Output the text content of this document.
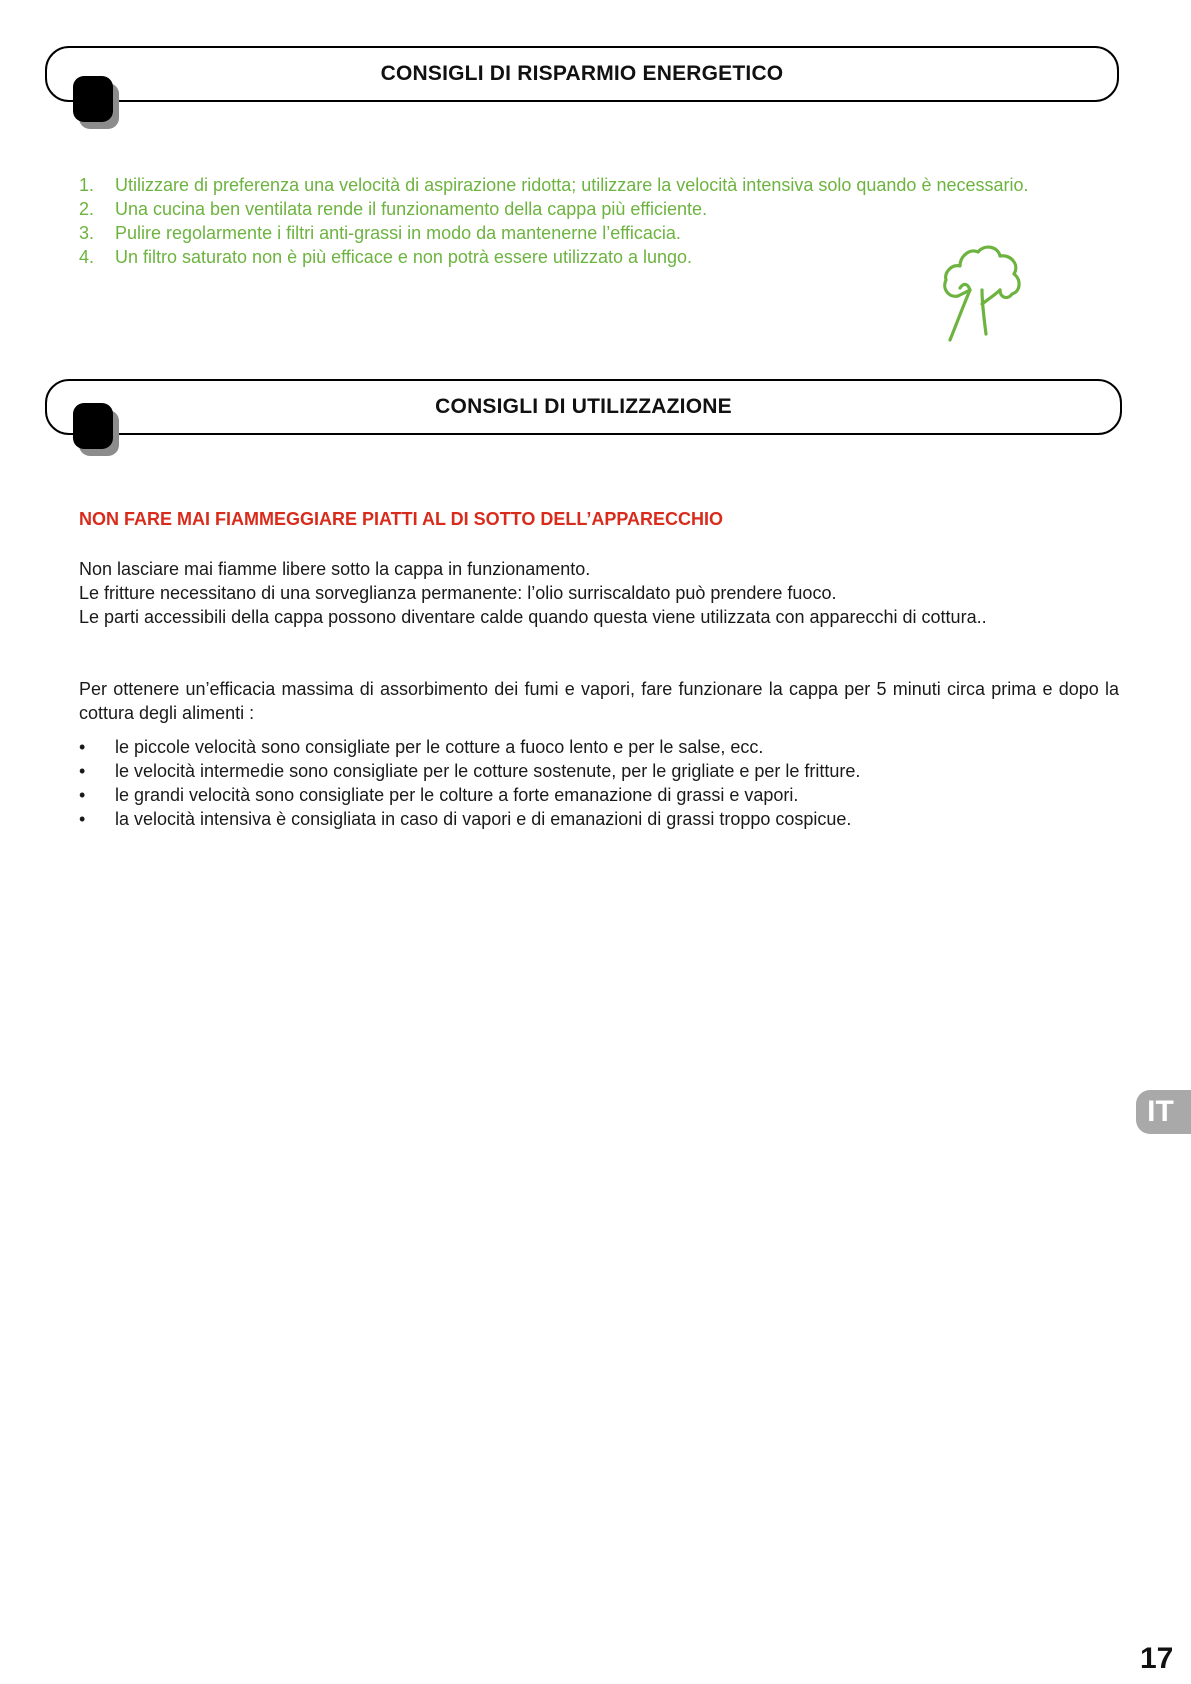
CONSIGLI DI RISPARMIO ENERGETICO
1.	Utilizzare di preferenza una velocità di aspirazione ridotta; utilizzare la velocità intensiva solo quando è necessario.
2.	Una cucina ben ventilata rende il funzionamento della cappa più efficiente.
3.	Pulire regolarmente i filtri anti-grassi in modo da mantenerne l’efficacia.
4.	Un filtro saturato non è più efficace e non potrà essere utilizzato a lungo.
CONSIGLI DI UTILIZZAZIONE
NON FARE MAI FIAMMEGGIARE PIATTI AL DI SOTTO DELL’APPARECCHIO

Non lasciare mai fiamme libere sotto la cappa in funzionamento.

Le fritture necessitano di una sorveglianza permanente: l’olio surriscaldato può prendere fuoco.

Le parti accessibili della cappa possono diventare calde quando questa viene utilizzata con apparecchi di cottura..

Per ottenere un’efficacia massima di assorbimento dei fumi e vapori, fare funzionare la cappa per 5 minuti circa prima e dopo la cottura degli alimenti :
•	le piccole velocità sono consigliate per le cotture a fuoco lento e per le salse, ecc.
•	le velocità intermedie sono consigliate per le cotture sostenute, per le grigliate e per le fritture.
•	le grandi velocità sono consigliate per le colture a forte emanazione di grassi e vapori.
•	la velocità intensiva è consigliata in caso di vapori e di emanazioni di grassi troppo cospicue.
IT
17
